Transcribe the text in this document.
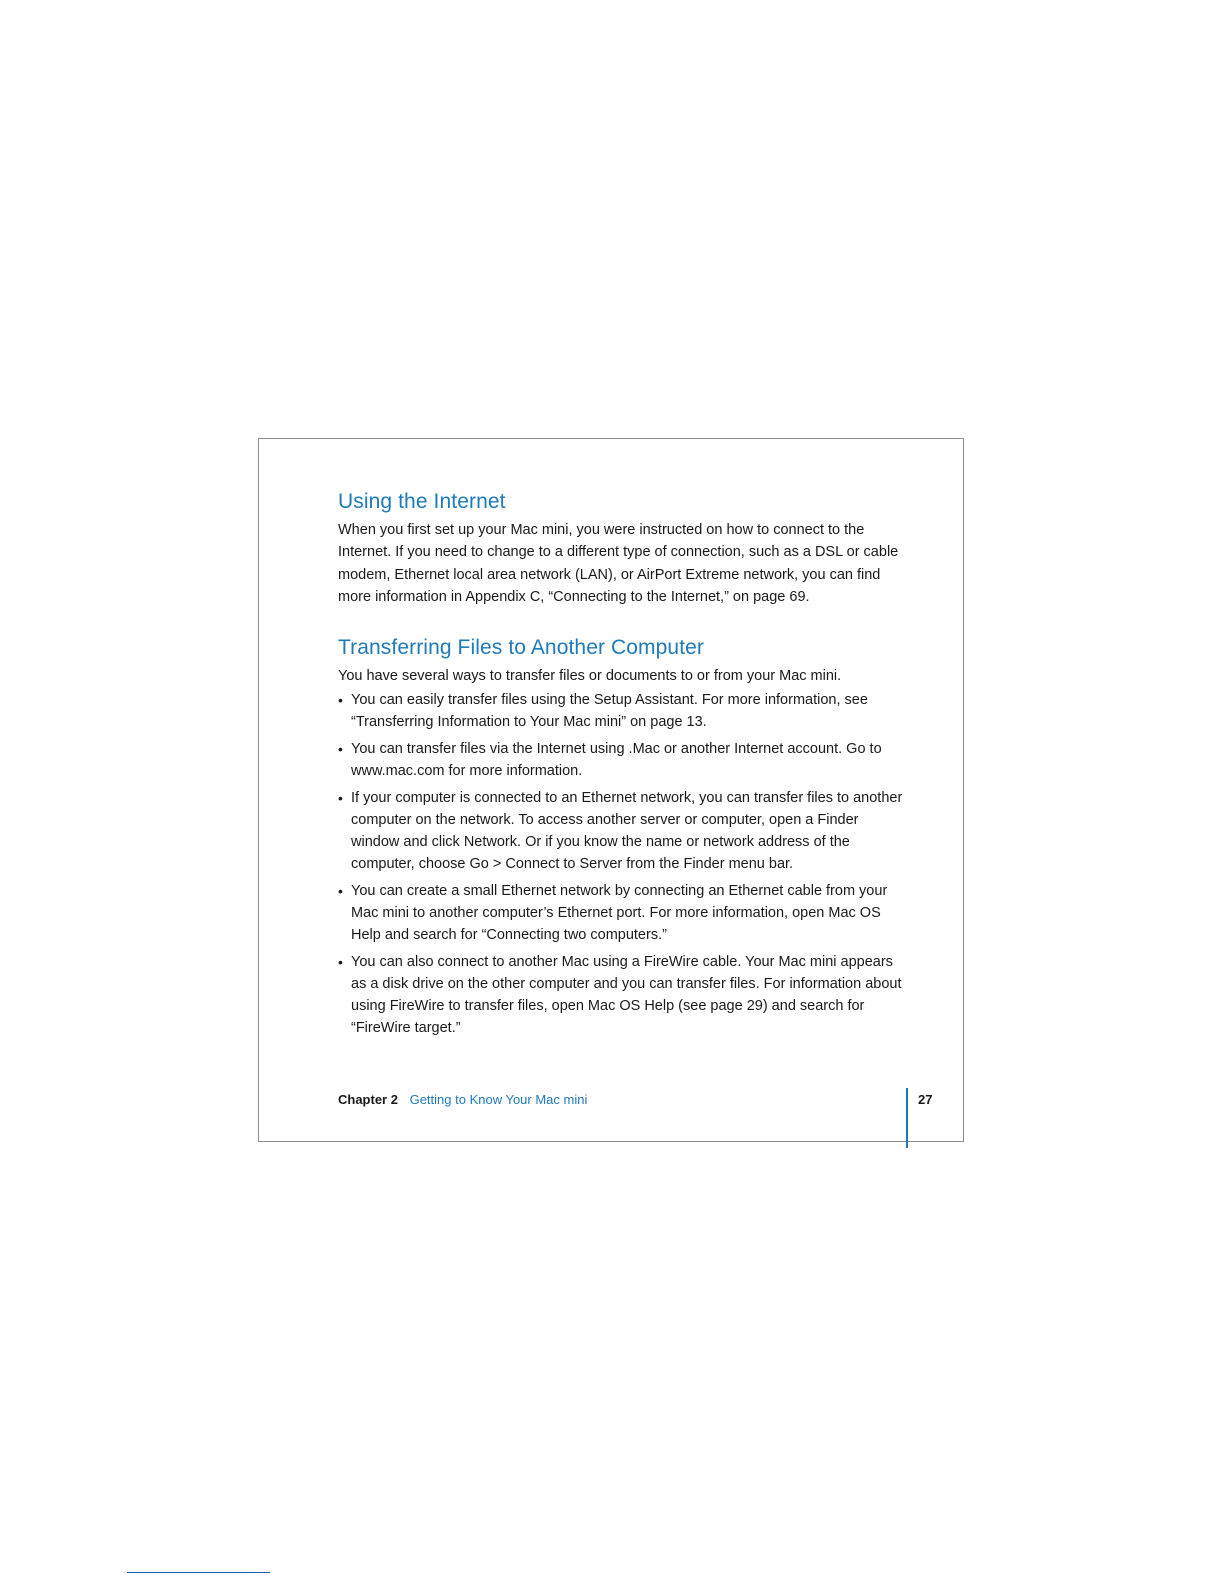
Using the Internet

When you first set up your Mac mini, you were instructed on how to connect to the Internet. If you need to change to a different type of connection, such as a DSL or cable modem, Ethernet local area network (LAN), or AirPort Extreme network, you can find more information in Appendix C, “Connecting to the Internet,” on page 69.

Transferring Files to Another Computer

You have several ways to transfer files or documents to or from your Mac mini.

• You can easily transfer files using the Setup Assistant. For more information, see “Transferring Information to Your Mac mini” on page 13.
• You can transfer files via the Internet using .Mac or another Internet account. Go to www.mac.com for more information.
• If your computer is connected to an Ethernet network, you can transfer files to another computer on the network. To access another server or computer, open a Finder window and click Network. Or if you know the name or network address of the computer, choose Go > Connect to Server from the Finder menu bar.
• You can create a small Ethernet network by connecting an Ethernet cable from your Mac mini to another computer’s Ethernet port. For more information, open Mac OS Help and search for “Connecting two computers.”
• You can also connect to another Mac using a FireWire cable. Your Mac mini appears as a disk drive on the other computer and you can transfer files. For information about using FireWire to transfer files, open Mac OS Help (see page 29) and search for “FireWire target.”
Chapter 2 Getting to Know Your Mac mini	27
